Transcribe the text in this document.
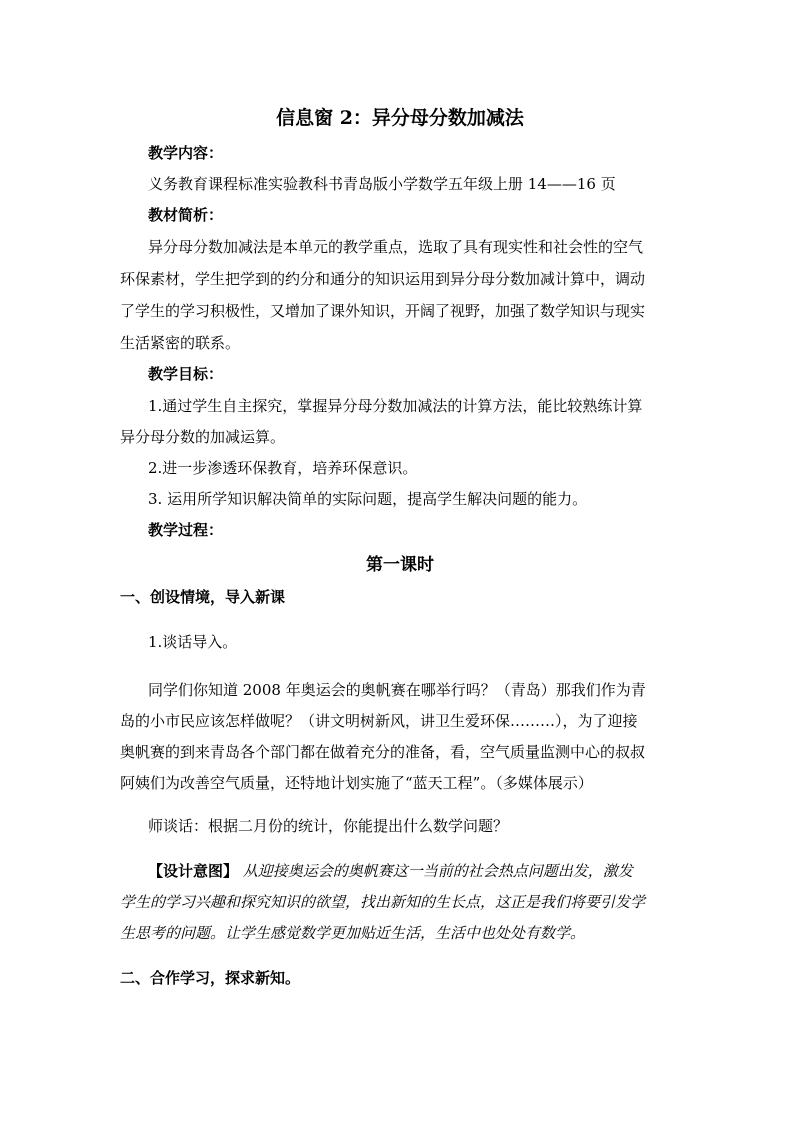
信息窗 2：异分母分数加减法
教学内容：
义务教育课程标准实验教科书青岛版小学数学五年级上册 14——16 页
教材简析：
异分母分数加减法是本单元的教学重点，选取了具有现实性和社会性的空气
环保素材，学生把学到的约分和通分的知识运用到异分母分数加减计算中，调动
了学生的学习积极性，又增加了课外知识，开阔了视野，加强了数学知识与现实
生活紧密的联系。
教学目标：
1.通过学生自主探究，掌握异分母分数加减法的计算方法，能比较熟练计算
异分母分数的加减运算。
2.进一步渗透环保教育，培养环保意识。
3. 运用所学知识解决简单的实际问题，提高学生解决问题的能力。
教学过程：
第一课时
一、创设情境，导入新课
1.谈话导入。
同学们你知道 2008 年奥运会的奥帆赛在哪举行吗？（青岛）那我们作为青
岛的小市民应该怎样做呢？（讲文明树新风，讲卫生爱环保………），为了迎接
奥帆赛的到来青岛各个部门都在做着充分的准备，看，空气质量监测中心的叔叔
阿姨们为改善空气质量，还特地计划实施了“蓝天工程”。（多媒体展示）
师谈话：根据二月份的统计，你能提出什么数学问题？
【设计意图】 从迎接奥运会的奥帆赛这一当前的社会热点问题出发，激发
学生的学习兴趣和探究知识的欲望，找出新知的生长点，这正是我们将要引发学
生思考的问题。让学生感觉数学更加贴近生活，生活中也处处有数学。
二、合作学习，探求新知。
